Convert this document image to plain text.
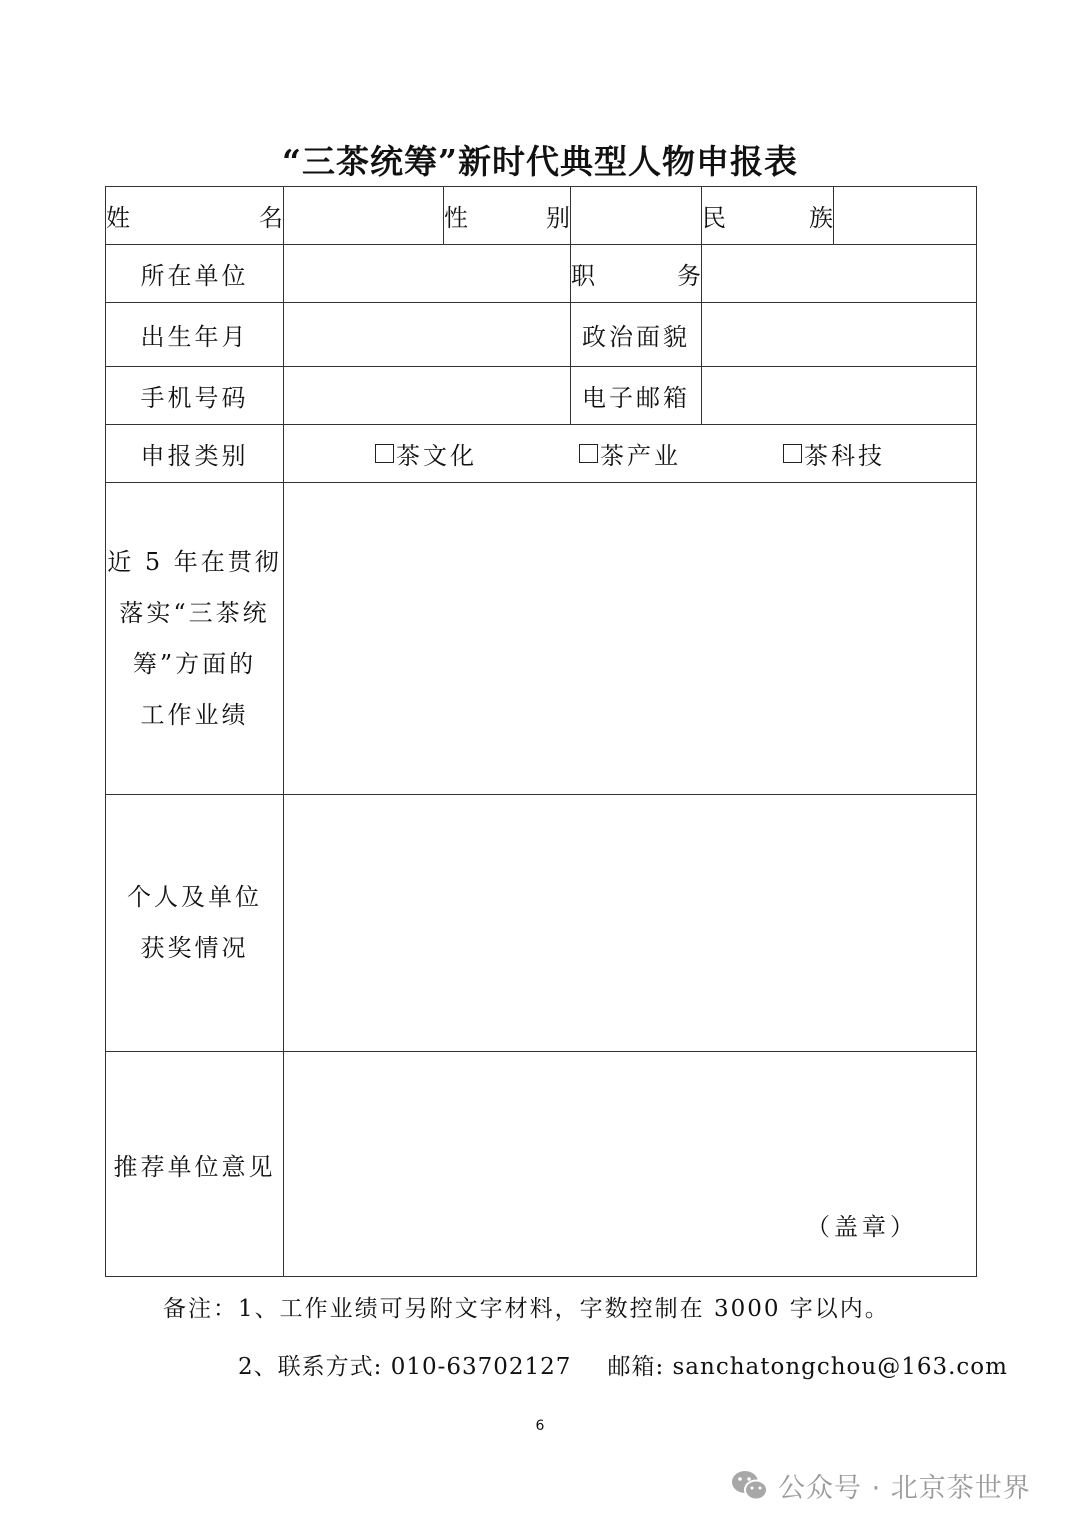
“三茶统筹”新时代典型人物申报表
姓名		性别		民族	
所在单位			职务		
出生年月			政治面貌		
手机号码			电子邮箱		
申报类别	茶文化 茶产业 茶科技				

近 5 年在贯彻
落实“三茶统
筹”方面的
工作业绩					

个人及单位
获奖情况					

推荐单位意见	（盖章）				
备注：1、工作业绩可另附文字材料，字数控制在 3000 字以内。
2、联系方式: 010-63702127 邮箱: sanchatongchou@163.com
6
公众号 · 北京茶世界
